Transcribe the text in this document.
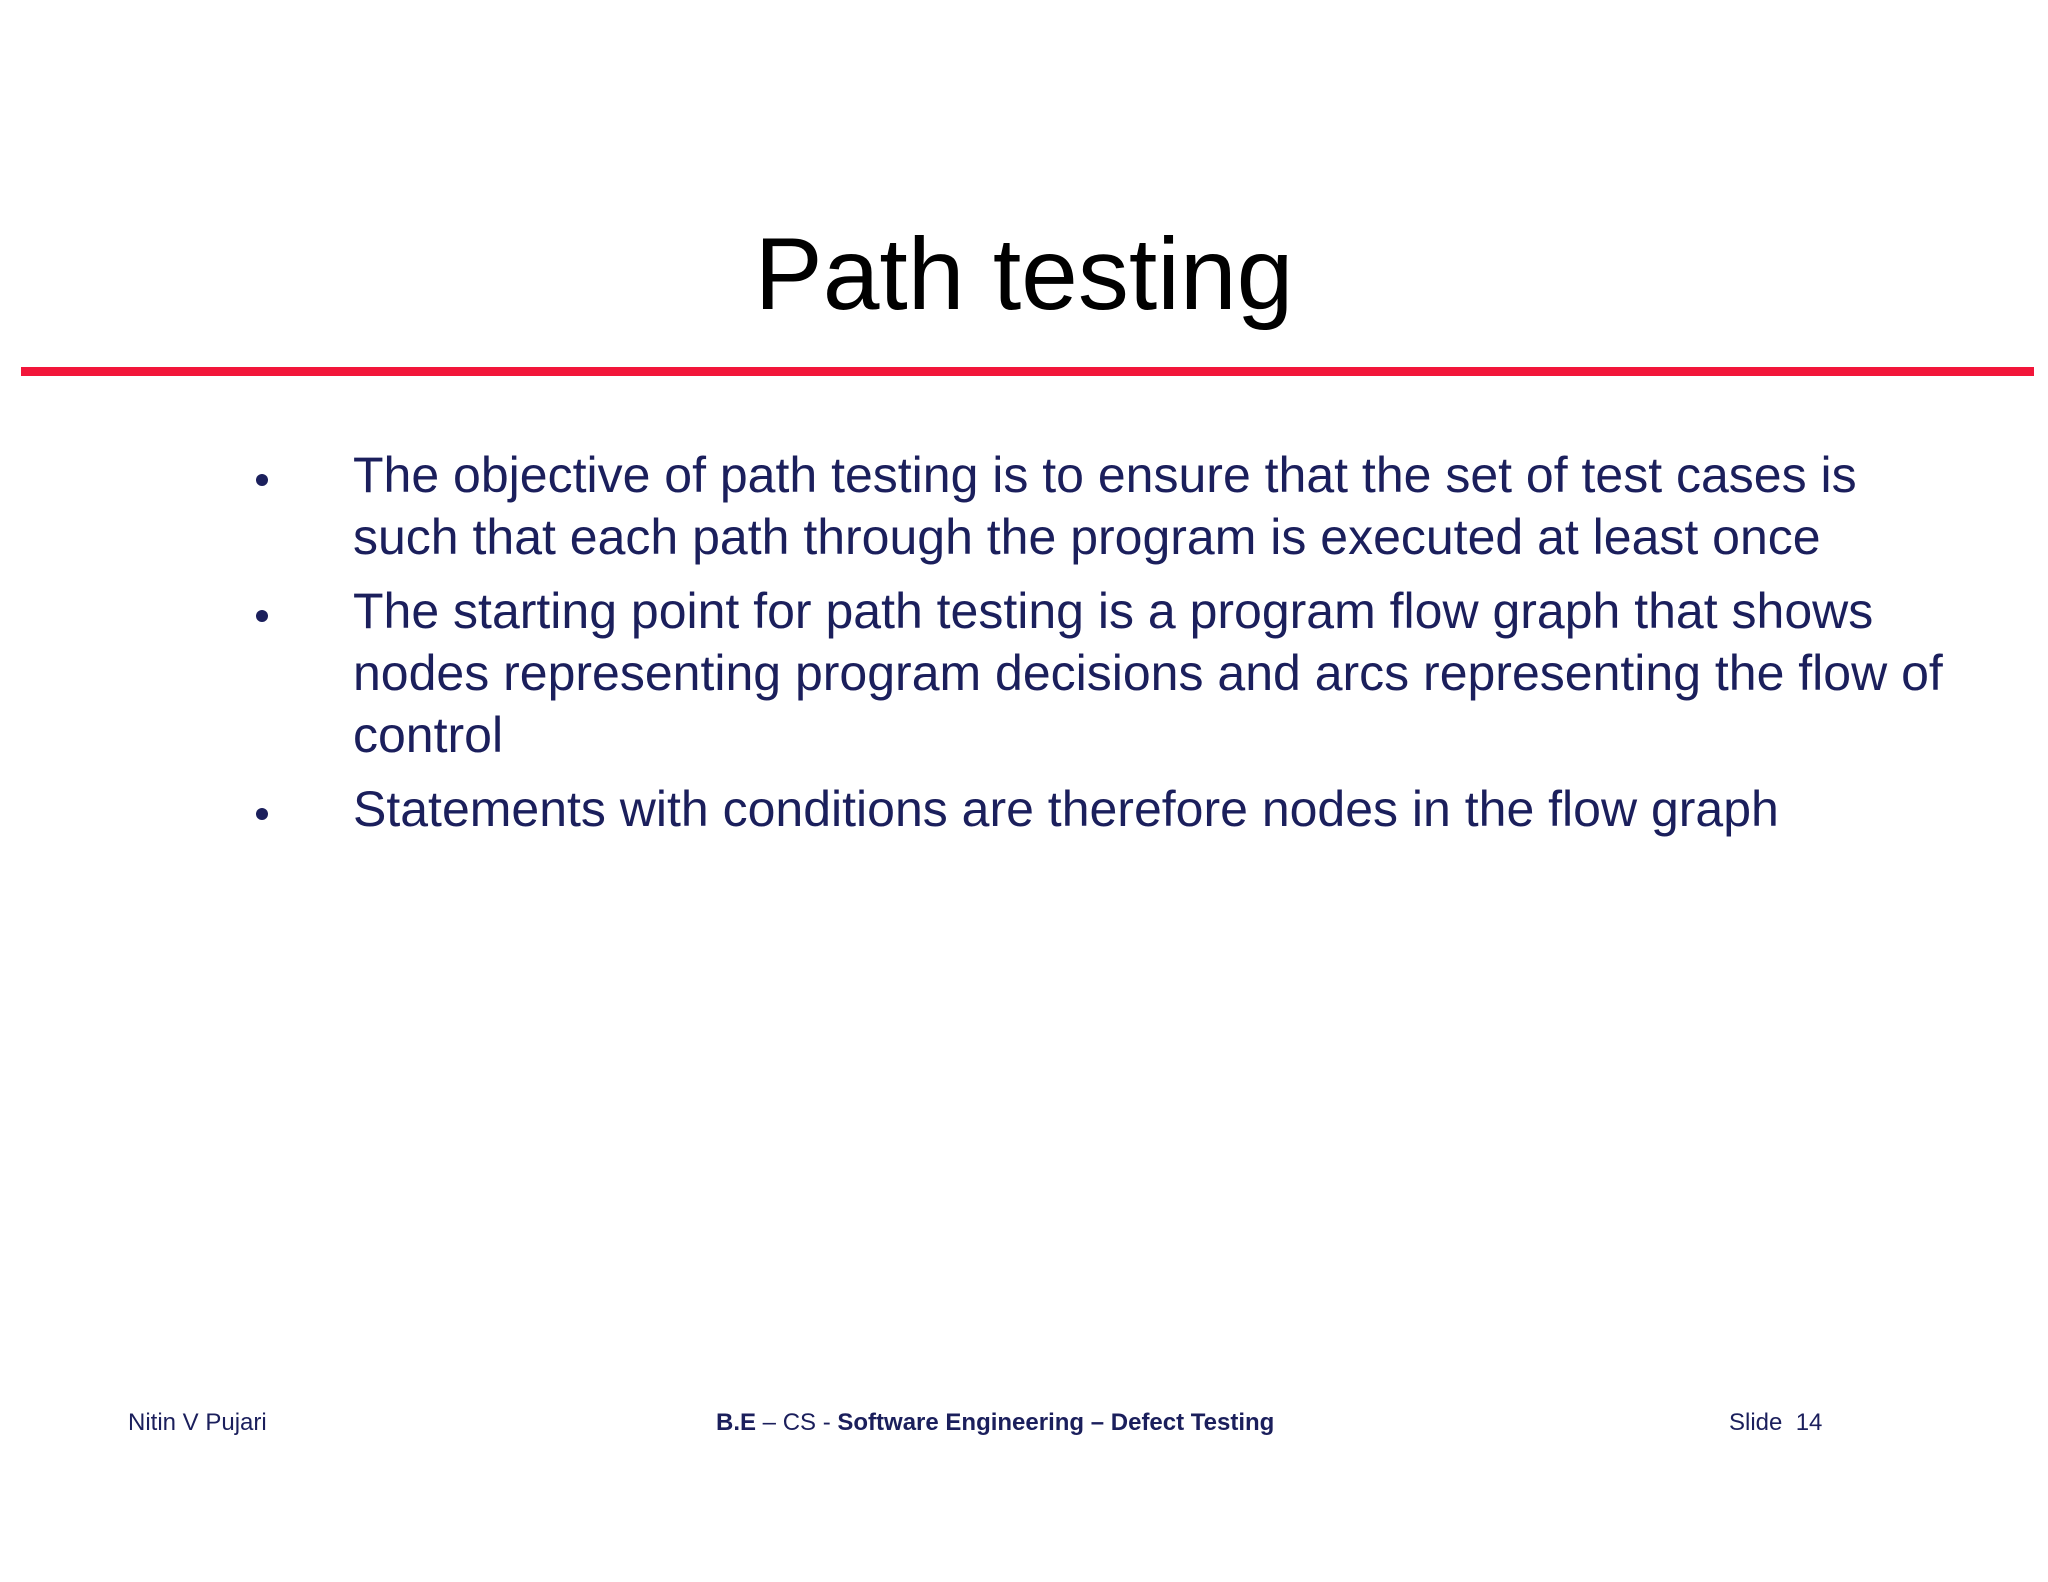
Path testing
The objective of path testing is to ensure that the set of test cases is such that each path through the program is executed at least once
The starting point for path testing is a program flow graph that shows nodes representing program decisions and arcs representing the flow of control
Statements with conditions are therefore nodes in the flow graph
Nitin V Pujari	B.E – CS - Software Engineering – Defect Testing	Slide  14
